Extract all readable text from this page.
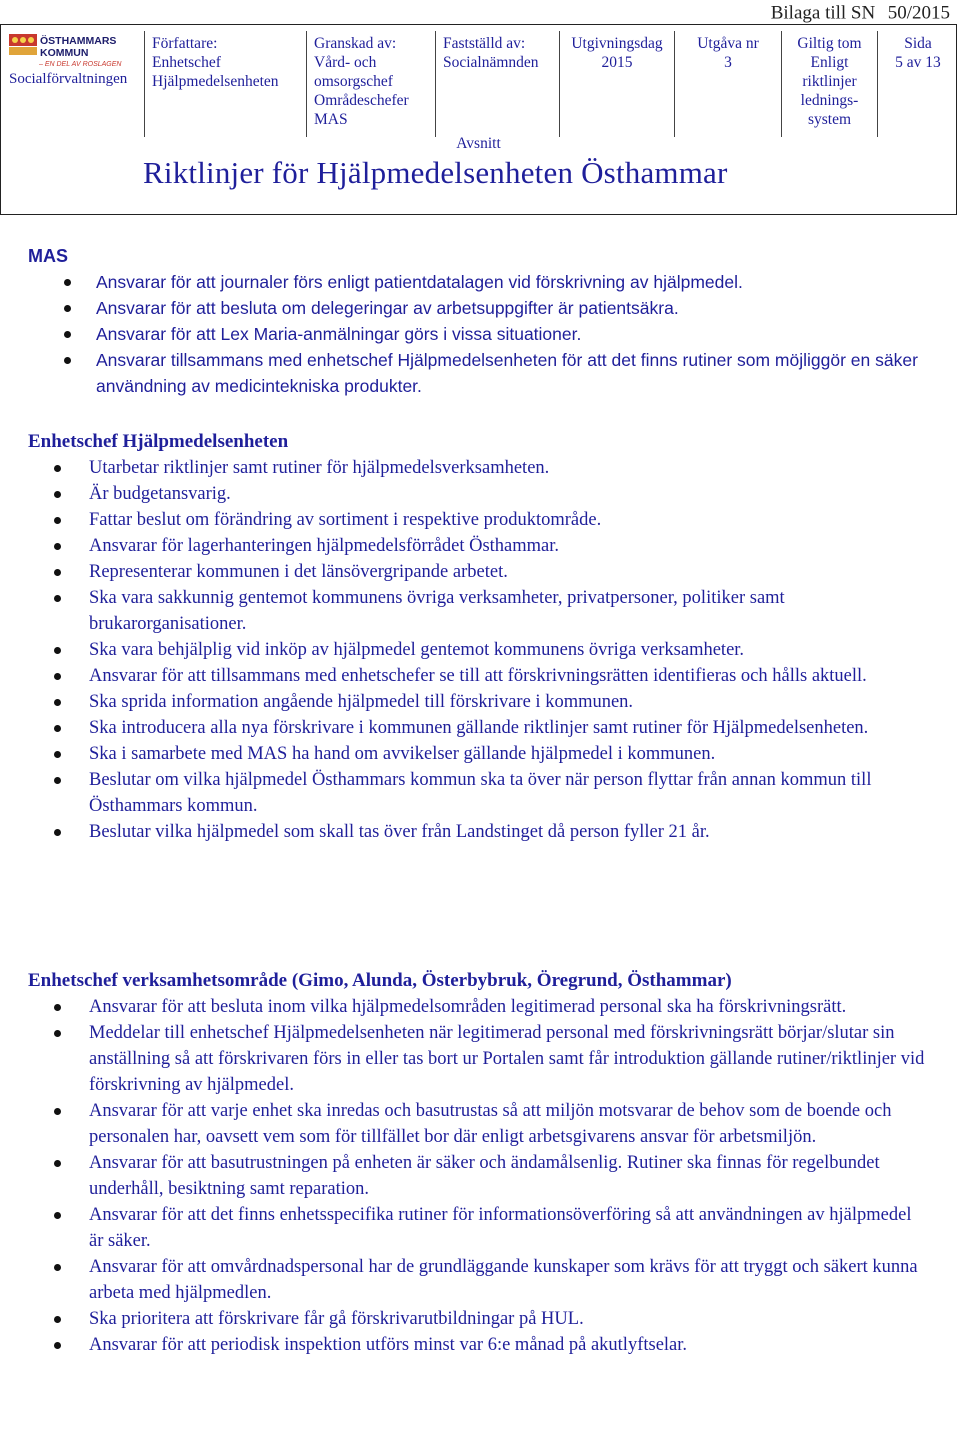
Bilaga till SN 50/2015
ÖSTHAMMARS
KOMMUN
– EN DEL AV ROSLAGEN
Socialförvaltningen
Författare:
Enhetschef
Hjälpmedelsenheten
Granskad av:
Vård- och
omsorgschef
Områdeschefer
MAS
Fastställd av:
Socialnämnden
Utgivningsdag
2015
Utgåva nr
3
Giltig tom
Enligt
riktlinjer
lednings-
system
Sida
5 av 13
Avsnitt
Riktlinjer för Hjälpmedelsenheten Östhammar
MAS
Ansvarar för att journaler förs enligt patientdatalagen vid förskrivning av hjälpmedel.
Ansvarar för att besluta om delegeringar av arbetsuppgifter är patientsäkra.
Ansvarar för att Lex Maria-anmälningar görs i vissa situationer.
Ansvarar tillsammans med enhetschef Hjälpmedelsenheten för att det finns rutiner som möjliggör en säker användning av medicintekniska produkter.
Enhetschef Hjälpmedelsenheten
Utarbetar riktlinjer samt rutiner för hjälpmedelsverksamheten.
Är budgetansvarig.
Fattar beslut om förändring av sortiment i respektive produktområde.
Ansvarar för lagerhanteringen hjälpmedelsförrådet Östhammar.
Representerar kommunen i det länsövergripande arbetet.
Ska vara sakkunnig gentemot kommunens övriga verksamheter, privatpersoner, politiker samt brukarorganisationer.
Ska vara behjälplig vid inköp av hjälpmedel gentemot kommunens övriga verksamheter.
Ansvarar för att tillsammans med enhetschefer se till att förskrivningsrätten identifieras och hålls aktuell.
Ska sprida information angående hjälpmedel till förskrivare i kommunen.
Ska introducera alla nya förskrivare i kommunen gällande riktlinjer samt rutiner för Hjälpmedelsenheten.
Ska i samarbete med MAS ha hand om avvikelser gällande hjälpmedel i kommunen.
Beslutar om vilka hjälpmedel Östhammars kommun ska ta över när person flyttar från annan kommun till Östhammars kommun.
Beslutar vilka hjälpmedel som skall tas över från Landstinget då person fyller 21 år.
Enhetschef verksamhetsområde (Gimo, Alunda, Österbybruk, Öregrund, Östhammar)
Ansvarar för att besluta inom vilka hjälpmedelsområden legitimerad personal ska ha förskrivningsrätt.
Meddelar till enhetschef Hjälpmedelsenheten när legitimerad personal med förskrivningsrätt börjar/slutar sin anställning så att förskrivaren förs in eller tas bort ur Portalen samt får introduktion gällande rutiner/riktlinjer vid förskrivning av hjälpmedel.
Ansvarar för att varje enhet ska inredas och basutrustas så att miljön motsvarar de behov som de boende och personalen har, oavsett vem som för tillfället bor där enligt arbetsgivarens ansvar för arbetsmiljön.
Ansvarar för att basutrustningen på enheten är säker och ändamålsenlig. Rutiner ska finnas för regelbundet underhåll, besiktning samt reparation.
Ansvarar för att det finns enhetsspecifika rutiner för informationsöverföring så att användningen av hjälpmedel är säker.
Ansvarar för att omvårdnadspersonal har de grundläggande kunskaper som krävs för att tryggt och säkert kunna arbeta med hjälpmedlen.
Ska prioritera att förskrivare får gå förskrivarutbildningar på HUL.
Ansvarar för att periodisk inspektion utförs minst var 6:e månad på akutlyftselar.
